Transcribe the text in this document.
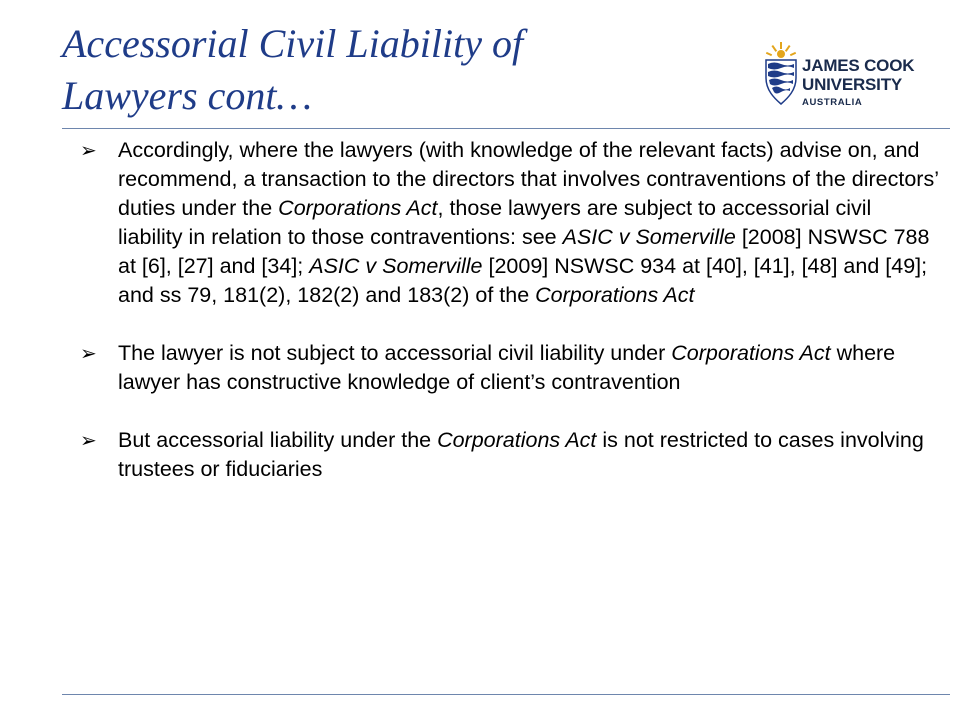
Accessorial Civil Liability of
Lawyers cont…
JAMES COOK
UNIVERSITY
AUSTRALIA
➢ Accordingly, where the lawyers (with knowledge of the relevant facts) advise on, and recommend, a transaction to the directors that involves contraventions of the directors’ duties under the Corporations Act, those lawyers are subject to accessorial civil liability in relation to those contraventions: see ASIC v Somerville [2008] NSWSC 788 at [6], [27] and [34]; ASIC v Somerville [2009] NSWSC 934 at [40], [41], [48] and [49]; and ss 79, 181(2), 182(2) and 183(2) of the Corporations Act
➢ The lawyer is not subject to accessorial civil liability under Corporations Act where lawyer has constructive knowledge of client’s contravention
➢ But accessorial liability under the Corporations Act is not restricted to cases involving trustees or fiduciaries
